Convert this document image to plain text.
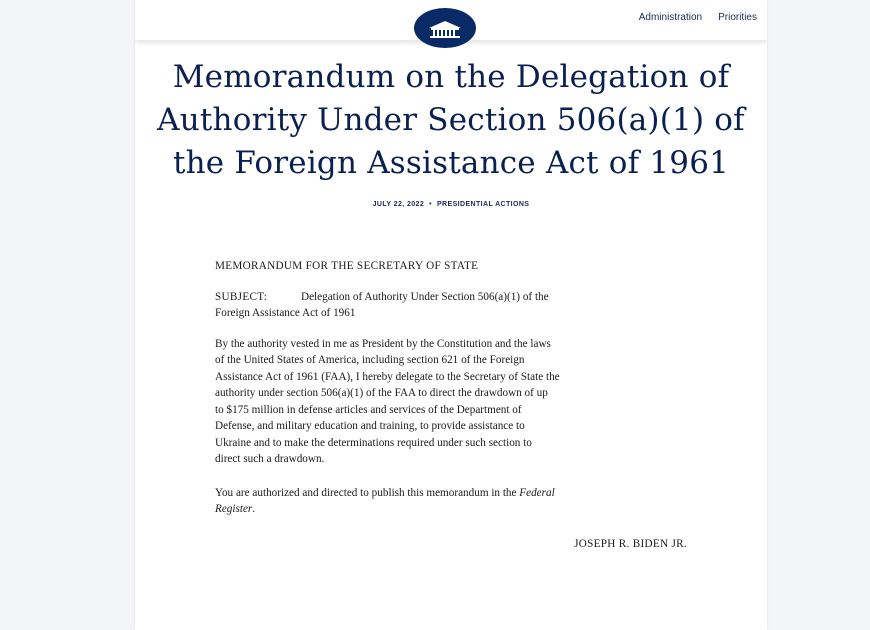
Administration Priorities
Memorandum on the Delegation of
Authority Under Section 506(a)(1) of
the Foreign Assistance Act of 1961
JULY 22, 2022 • PRESIDENTIAL ACTIONS

MEMORANDUM FOR THE SECRETARY OF STATE

SUBJECT:	Delegation of Authority Under Section 506(a)(1) of the
Foreign Assistance Act of 1961

By the authority vested in me as President by the Constitution and the laws
of the United States of America, including section 621 of the Foreign
Assistance Act of 1961 (FAA), I hereby delegate to the Secretary of State the
authority under section 506(a)(1) of the FAA to direct the drawdown of up
to $175 million in defense articles and services of the Department of
Defense, and military education and training, to provide assistance to
Ukraine and to make the determinations required under such section to
direct such a drawdown.

You are authorized and directed to publish this memorandum in the Federal
Register.

JOSEPH R. BIDEN JR.
